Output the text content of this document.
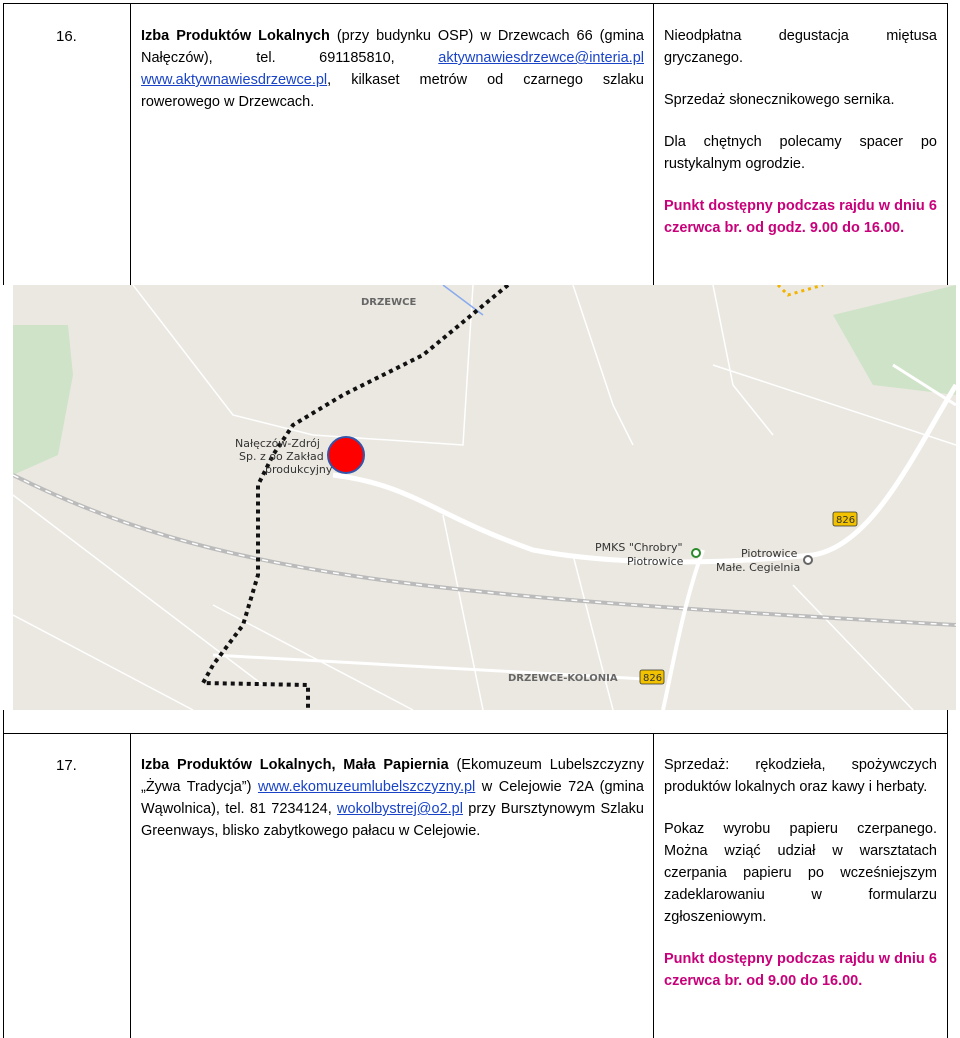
16.	Izba Produktów Lokalnych (przy budynku OSP) w Drzewcach 66 (gmina Nałęczów), tel. 691185810, aktywnawiesdrzewce@interia.pl www.aktywnawiesdrzewce.pl, kilkaset metrów od czarnego szlaku rowerowego w Drzewcach.

Nieodpłatna degustacja miętusa gryczanego.

Sprzedaż słonecznikowego sernika.

Dla chętnych polecamy spacer po rustykalnym ogrodzie.

Punkt dostępny podczas rajdu w dniu 6 czerwca br. od godz. 9.00 do 16.00.

826
826
DRZEWCE
Nałęczów-Zdrój
Sp. z oo Zakład
produkcyjny
PMKS "Chrobry"
Piotrowice
Piotrowice
Małe. Cegielnia
DRZEWCE-KOLONIA
17.	Izba Produktów Lokalnych, Mała Papiernia (Ekomuzeum Lubelszczyzny „Żywa Tradycja”) www.ekomuzeumlubelszczyzny.pl w Celejowie 72A (gmina Wąwolnica), tel. 81 7234124, wokolbystrej@o2.pl przy Bursztynowym Szlaku Greenways, blisko zabytkowego pałacu w Celejowie.

Sprzedaż: rękodzieła, spożywczych produktów lokalnych oraz kawy i herbaty.

Pokaz wyrobu papieru czerpanego. Można wziąć udział w warsztatach czerpania papieru po wcześniejszym zadeklarowaniu w formularzu zgłoszeniowym.

Punkt dostępny podczas rajdu w dniu 6 czerwca br. od 9.00 do 16.00.
